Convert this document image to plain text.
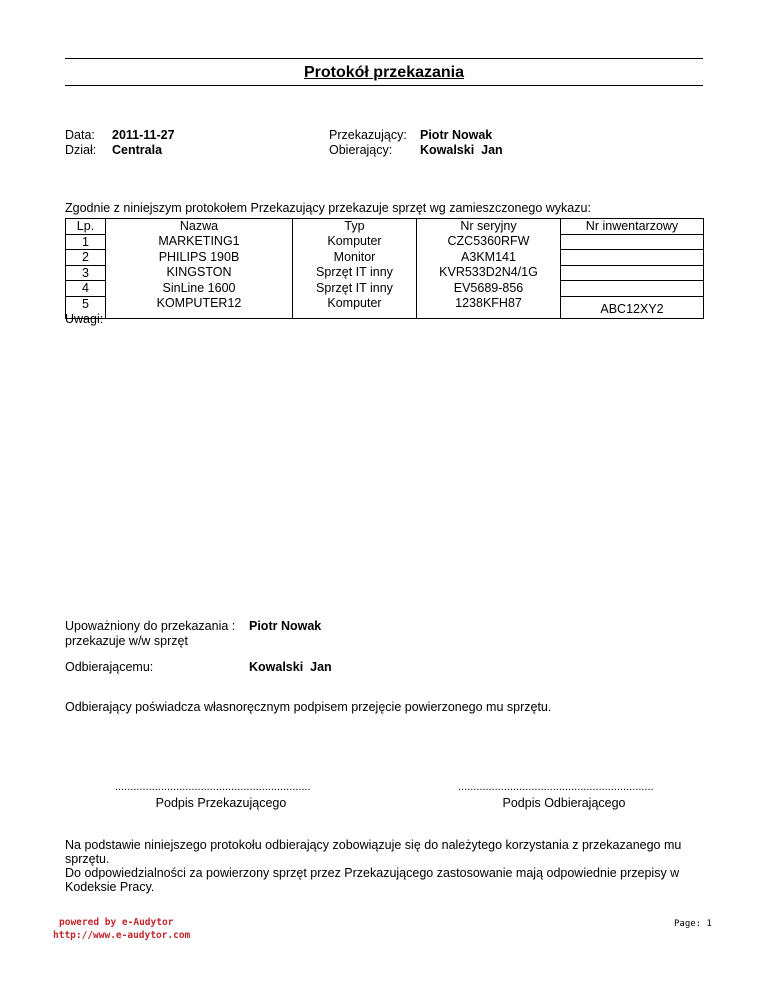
Protokół przekazania
Data: 2011-11-27
Dział: Centrala
Przekazujący: Piotr Nowak
Obierający: Kowalski  Jan
Zgodnie z niniejszym protokołem Przekazujący przekazuje sprzęt wg zamieszczonego wykazu:
Lp.	Nazwa	Typ	Nr seryjny	Nr inwentarzowy
1	MARKETING1	Komputer	CZC5360RFW	
2	PHILIPS 190B	Monitor	A3KM141	
3	KINGSTON	Sprzęt IT inny	KVR533D2N4/1G	
4	SinLine 1600	Sprzęt IT inny	EV5689-856	
5	KOMPUTER12	Komputer	1238KFH87	ABC12XY2
Uwagi:
Upoważniony do przekazania :
przekazuje w/w sprzęt
Piotr Nowak
Odbierającemu:	Kowalski  Jan
Odbierający poświadcza własnoręcznym podpisem przejęcie powierzonego mu sprzętu.
................................................................
Podpis Przekazującego
................................................................
Podpis Odbierającego
Na podstawie niniejszego protokołu odbierający zobowiązuje się do należytego korzystania z przekazanego mu
sprzętu.
Do odpowiedzialności za powierzony sprzęt przez Przekazującego zastosowanie mają odpowiednie przepisy w
Kodeksie Pracy.
powered by e-Audytor
http://www.e-audytor.com
Page: 1
